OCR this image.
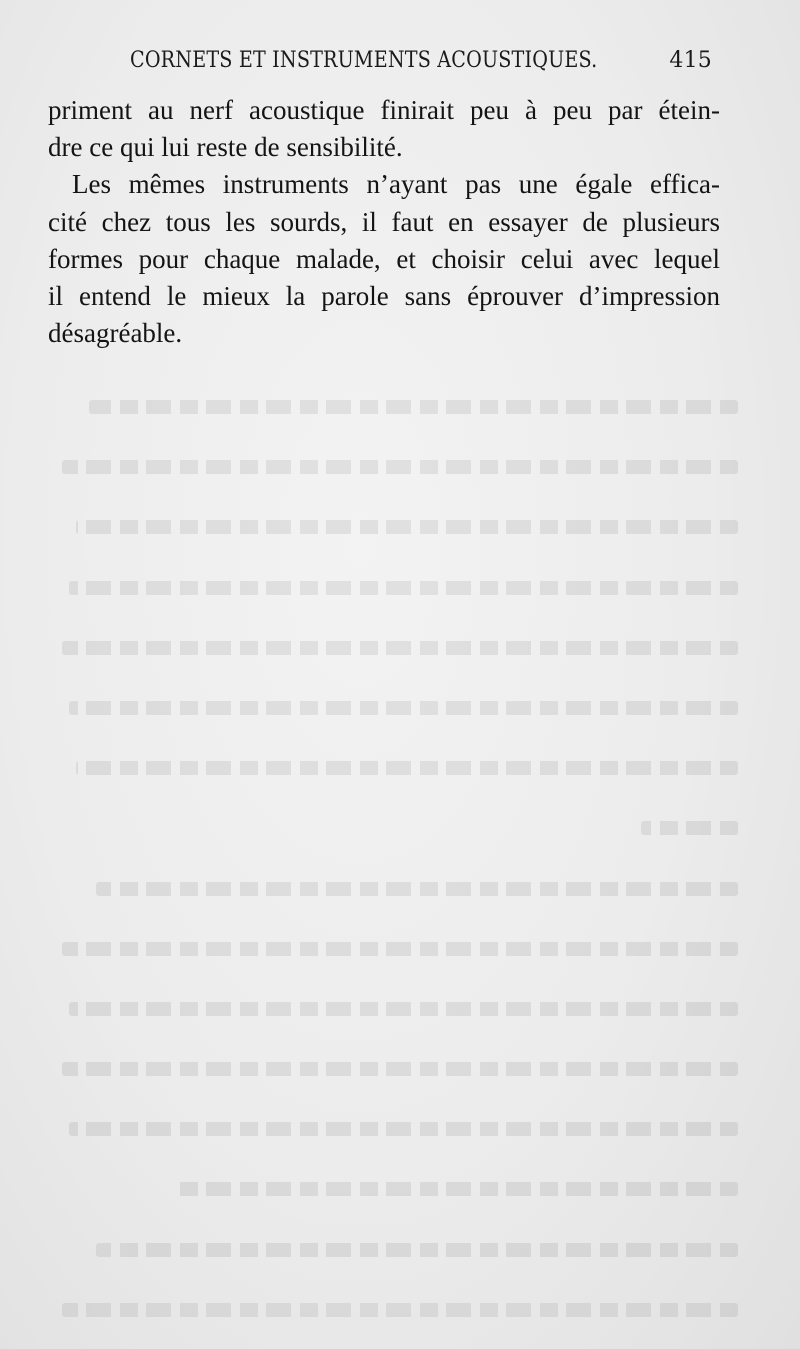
CORNETS ET INSTRUMENTS ACOUSTIQUES.	415
priment au nerf acoustique finirait peu à peu par étein-
dre ce qui lui reste de sensibilité.
Les mêmes instruments n’ayant pas une égale effica-
cité chez tous les sourds, il faut en essayer de plusieurs
formes pour chaque malade, et choisir celui avec lequel
il entend le mieux la parole sans éprouver d’impression
désagréable.
